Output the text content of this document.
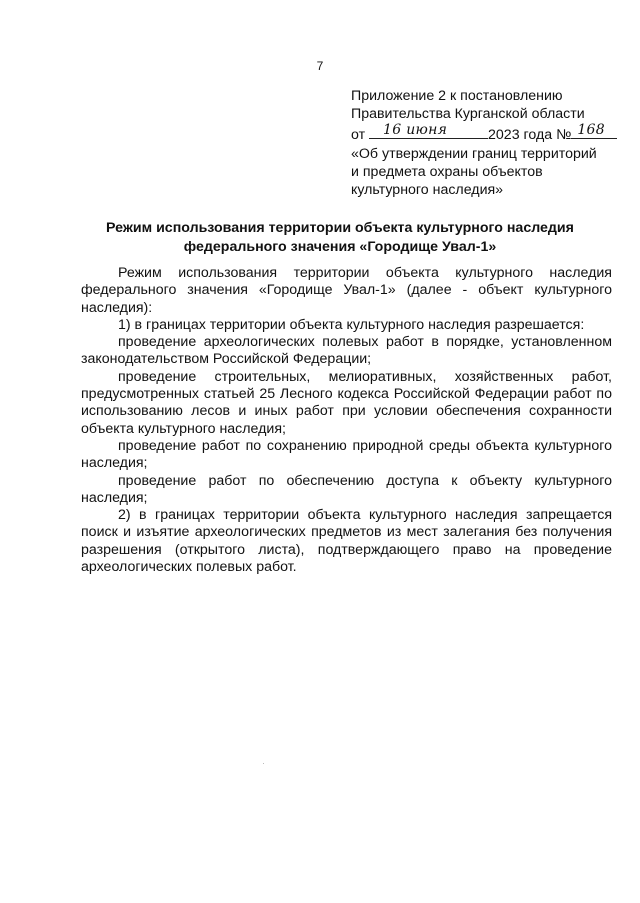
7
Приложение 2 к постановлению
Правительства Курганской области
от 16 июня	2023 года № 168
«Об утверждении границ территорий
и предмета охраны объектов
культурного наследия»
Режим использования территории объекта культурного наследия
федерального значения «Городище Увал-1»
Режим использования территории объекта культурного наследия
федерального значения «Городище Увал-1» (далее - объект культурного наследия):
1) в границах территории объекта культурного наследия разрешается:
проведение археологических полевых работ в порядке, установленном законодательством Российской Федерации;
проведение строительных, мелиоративных, хозяйственных работ, предусмотренных статьей 25 Лесного кодекса Российской Федерации работ по использованию лесов и иных работ при условии обеспечения сохранности объекта культурного наследия;
проведение работ по сохранению природной среды объекта культурного наследия;
проведение работ по обеспечению доступа к объекту культурного наследия;
2) в границах территории объекта культурного наследия запрещается поиск и изъятие археологических предметов из мест залегания без получения разрешения (открытого листа), подтверждающего право на проведение археологических полевых работ.
